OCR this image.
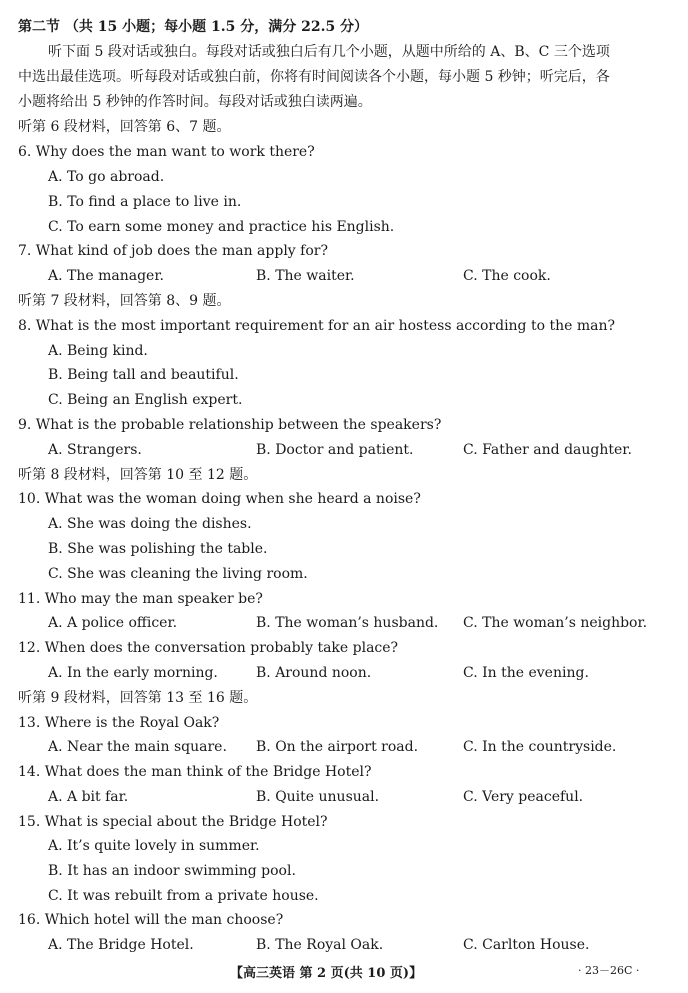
第二节 （共 15 小题；每小题 1.5 分，满分 22.5 分）
听下面 5 段对话或独白。每段对话或独白后有几个小题，从题中所给的 A、B、C 三个选项
中选出最佳选项。听每段对话或独白前，你将有时间阅读各个小题，每小题 5 秒钟；听完后，各
小题将给出 5 秒钟的作答时间。每段对话或独白读两遍。
听第 6 段材料，回答第 6、7 题。
6. Why does the man want to work there?
A. To go abroad.
B. To find a place to live in.
C. To earn some money and practice his English.
7. What kind of job does the man apply for?
A. The manager.	B. The waiter.	C. The cook.
听第 7 段材料，回答第 8、9 题。
8. What is the most important requirement for an air hostess according to the man?
A. Being kind.
B. Being tall and beautiful.
C. Being an English expert.
9. What is the probable relationship between the speakers?
A. Strangers.	B. Doctor and patient.	C. Father and daughter.
听第 8 段材料，回答第 10 至 12 题。
10. What was the woman doing when she heard a noise?
A. She was doing the dishes.
B. She was polishing the table.
C. She was cleaning the living room.
11. Who may the man speaker be?
A. A police officer.	B. The woman’s husband. C. The woman’s neighbor.
12. When does the conversation probably take place?
A. In the early morning.	B. Around noon.	C. In the evening.
听第 9 段材料，回答第 13 至 16 题。
13. Where is the Royal Oak?
A. Near the main square. B. On the airport road.	C. In the countryside.
14. What does the man think of the Bridge Hotel?
A. A bit far.	B. Quite unusual.	C. Very peaceful.
15. What is special about the Bridge Hotel?
A. It’s quite lovely in summer.
B. It has an indoor swimming pool.
C. It was rebuilt from a private house.
16. Which hotel will the man choose?
A. The Bridge Hotel.	B. The Royal Oak.	C. Carlton House.
【高三英语 第 2 页(共 10 页)】	· 23－26C ·
